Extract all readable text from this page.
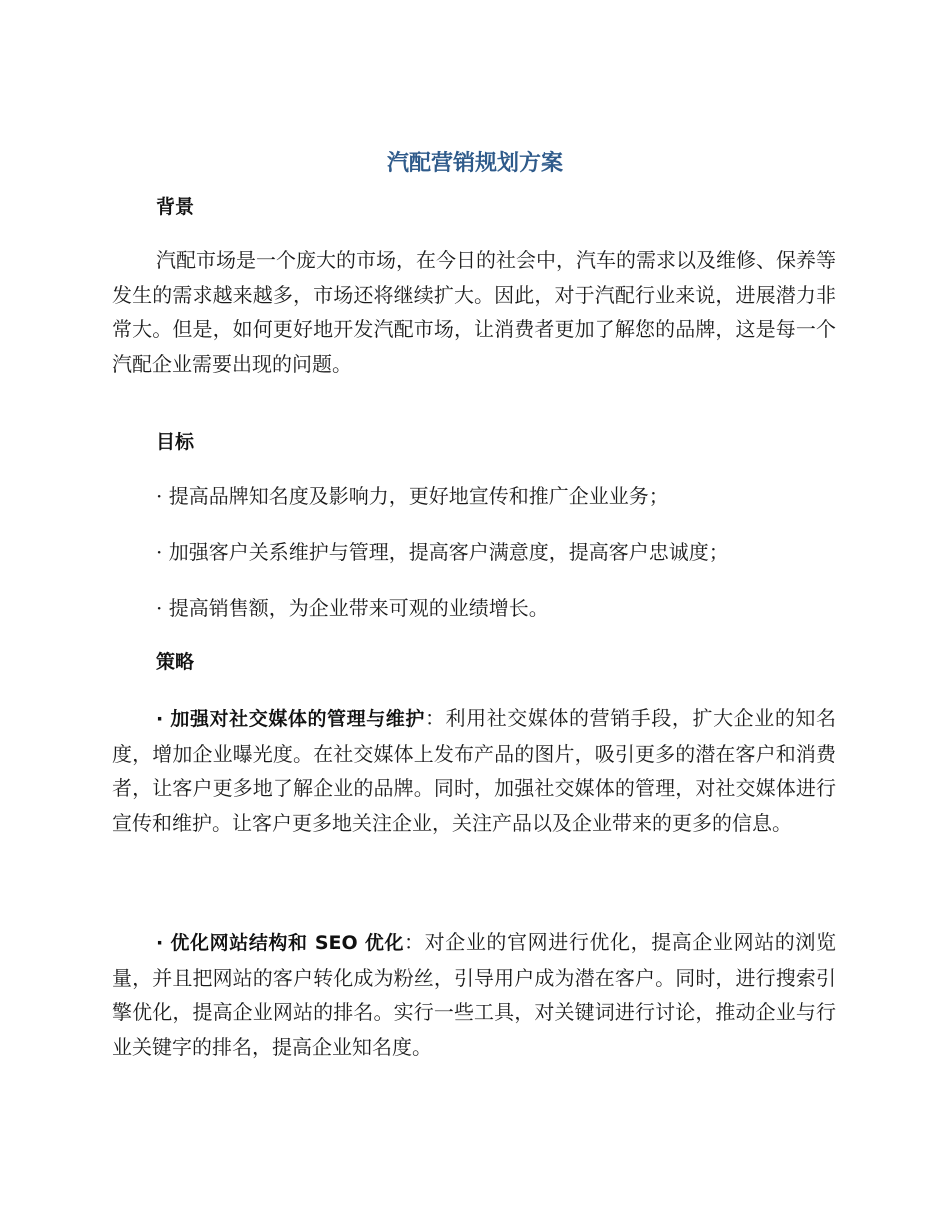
汽配营销规划方案
背景

汽配市场是一个庞大的市场，在今日的社会中，汽车的需求以及维修、保养等发生的需求越来越多，市场还将继续扩大。因此，对于汽配行业来说，进展潜力非常大。但是，如何更好地开发汽配市场，让消费者更加了解您的品牌，这是每一个汽配企业需要出现的问题。

目标

· 提高品牌知名度及影响力，更好地宣传和推广企业业务；

· 加强客户关系维护与管理，提高客户满意度，提高客户忠诚度；

· 提高销售额，为企业带来可观的业绩增长。

策略

· 加强对社交媒体的管理与维护：利用社交媒体的营销手段，扩大企业的知名度，增加企业曝光度。在社交媒体上发布产品的图片，吸引更多的潜在客户和消费者，让客户更多地了解企业的品牌。同时，加强社交媒体的管理，对社交媒体进行宣传和维护。让客户更多地关注企业，关注产品以及企业带来的更多的信息。

· 优化网站结构和 SEO 优化：对企业的官网进行优化，提高企业网站的浏览量，并且把网站的客户转化成为粉丝，引导用户成为潜在客户。同时，进行搜索引擎优化，提高企业网站的排名。实行一些工具，对关键词进行讨论，推动企业与行业关键字的排名，提高企业知名度。
